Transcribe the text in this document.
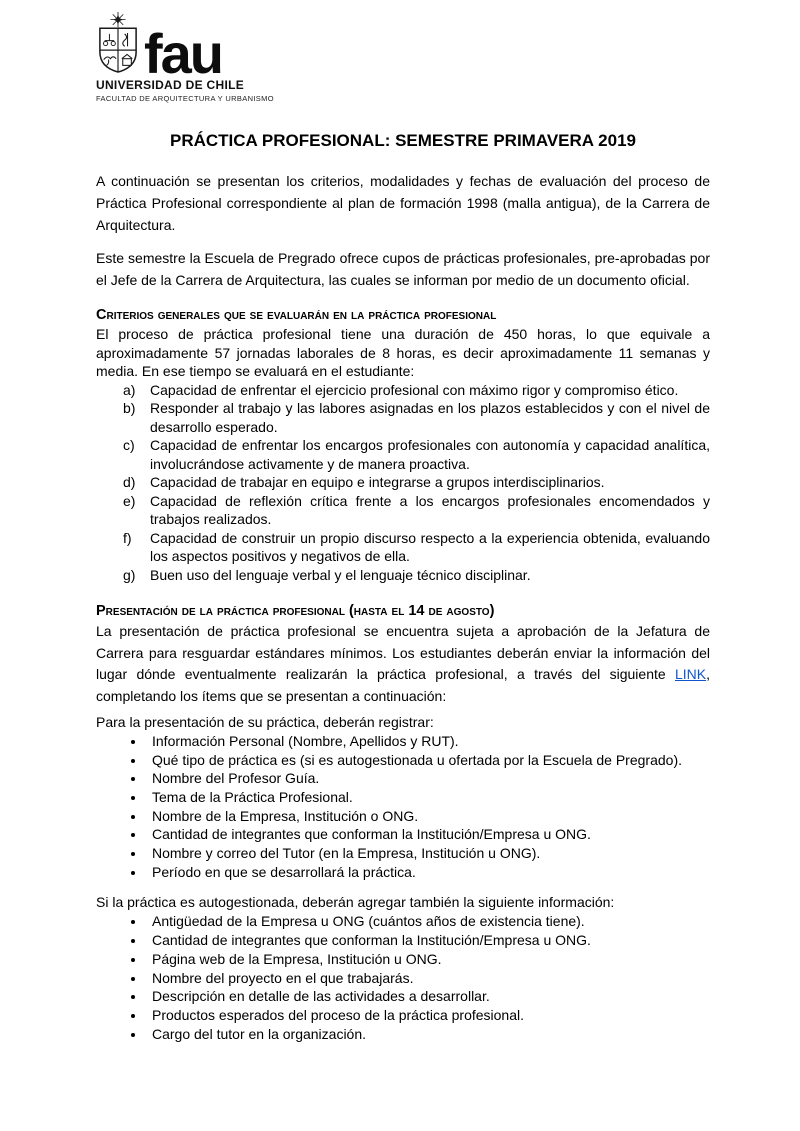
fau
UNIVERSIDAD DE CHILE
FACULTAD DE ARQUITECTURA Y URBANISMO
PRÁCTICA PROFESIONAL: SEMESTRE PRIMAVERA 2019

A continuación se presentan los criterios, modalidades y fechas de evaluación del proceso de Práctica Profesional correspondiente al plan de formación 1998 (malla antigua), de la Carrera de Arquitectura.

Este semestre la Escuela de Pregrado ofrece cupos de prácticas profesionales, pre-aprobadas por el Jefe de la Carrera de Arquitectura, las cuales se informan por medio de un documento oficial.

Criterios generales que se evaluarán en la práctica profesional

El proceso de práctica profesional tiene una duración de 450 horas, lo que equivale a aproximadamente 57 jornadas laborales de 8 horas, es decir aproximadamente 11 semanas y media. En ese tiempo se evaluará en el estudiante:

a)	Capacidad de enfrentar el ejercicio profesional con máximo rigor y compromiso ético.
b)	Responder al trabajo y las labores asignadas en los plazos establecidos y con el nivel de desarrollo esperado.
c)	Capacidad de enfrentar los encargos profesionales con autonomía y capacidad analítica, involucrándose activamente y de manera proactiva.
d)	Capacidad de trabajar en equipo e integrarse a grupos interdisciplinarios.
e)	Capacidad de reflexión crítica frente a los encargos profesionales encomendados y trabajos realizados.
f)	Capacidad de construir un propio discurso respecto a la experiencia obtenida, evaluando los aspectos positivos y negativos de ella.
g)	Buen uso del lenguaje verbal y el lenguaje técnico disciplinar.
Presentación de la práctica profesional (hasta el 14 de agosto)

La presentación de práctica profesional se encuentra sujeta a aprobación de la Jefatura de Carrera para resguardar estándares mínimos. Los estudiantes deberán enviar la información del lugar dónde eventualmente realizarán la práctica profesional, a través del siguiente LINK, completando los ítems que se presentan a continuación:

Para la presentación de su práctica, deberán registrar:

• Información Personal (Nombre, Apellidos y RUT).
• Qué tipo de práctica es (si es autogestionada u ofertada por la Escuela de Pregrado).
• Nombre del Profesor Guía.
• Tema de la Práctica Profesional.
• Nombre de la Empresa, Institución o ONG.
• Cantidad de integrantes que conforman la Institución/Empresa u ONG.
• Nombre y correo del Tutor (en la Empresa, Institución u ONG).
• Período en que se desarrollará la práctica.

Si la práctica es autogestionada, deberán agregar también la siguiente información:

• Antigüedad de la Empresa u ONG (cuántos años de existencia tiene).
• Cantidad de integrantes que conforman la Institución/Empresa u ONG.
• Página web de la Empresa, Institución u ONG.
• Nombre del proyecto en el que trabajarás.
• Descripción en detalle de las actividades a desarrollar.
• Productos esperados del proceso de la práctica profesional.
• Cargo del tutor en la organización.
